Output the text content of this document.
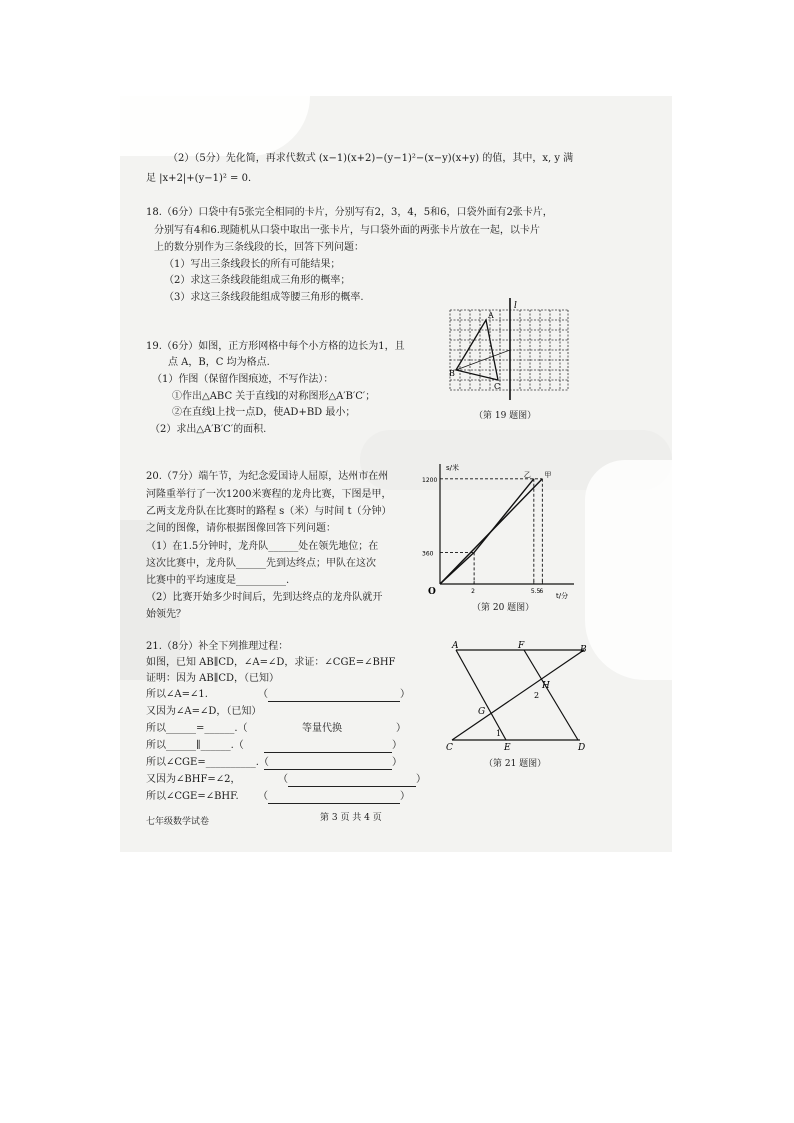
（2）（5分）先化简，再求代数式 (x−1)(x+2)−(y−1)²−(x−y)(x+y) 的值，其中，x, y 满
足 |x+2|+(y−1)² = 0．
18.（6分）口袋中有5张完全相同的卡片，分别写有2，3，4，5和6，口袋外面有2张卡片，
分别写有4和6.现随机从口袋中取出一张卡片，与口袋外面的两张卡片放在一起，以卡片
上的数分别作为三条线段的长，回答下列问题：
（1）写出三条线段长的所有可能结果；
（2）求这三条线段能组成三角形的概率；
（3）求这三条线段能组成等腰三角形的概率.
19.（6分）如图，正方形网格中每个小方格的边长为1，且
点 A，B，C 均为格点.
（1）作图（保留作图痕迹，不写作法）：
①作出△ABC 关于直线l的对称图形△A′B′C′；
②在直线l上找一点D，使AD+BD 最小；
（2）求出△A′B′C′的面积.
l
A
B
C
（第 19 题图）
20.（7分）端午节，为纪念爱国诗人屈原，达州市在州
河隆重举行了一次1200米赛程的龙舟比赛，下图是甲，
乙两支龙舟队在比赛时的路程 s（米）与时间 t（分钟）
之间的图像，请你根据图像回答下列问题：
（1）在1.5分钟时，龙舟队______处在领先地位；在
这次比赛中，龙舟队______先到达终点；甲队在这次
比赛中的平均速度是__________.
（2）比赛开始多少时间后，先到达终点的龙舟队就开
始领先？
s/米
t/分
O
360
1200
2	5.5
6
甲
乙
（第 20 题图）
21.（8分）补全下列推理过程：
如图，已知 AB∥CD，∠A=∠D，求证：∠CGE=∠BHF
证明：因为 AB∥CD，（已知）
所以∠A=∠1.	（	）
又因为∠A=∠D，（已知）
所以______=______.（	等量代换	）
所以______∥______.（	）
所以∠CGE=__________.（	）
又因为∠BHF=∠2，	（	）
所以∠CGE=∠BHF. （	）
A	B
C	D
E
F
G
H
1
2
（第 21 题图）
七年级数学试卷	第 3 页 共 4 页
